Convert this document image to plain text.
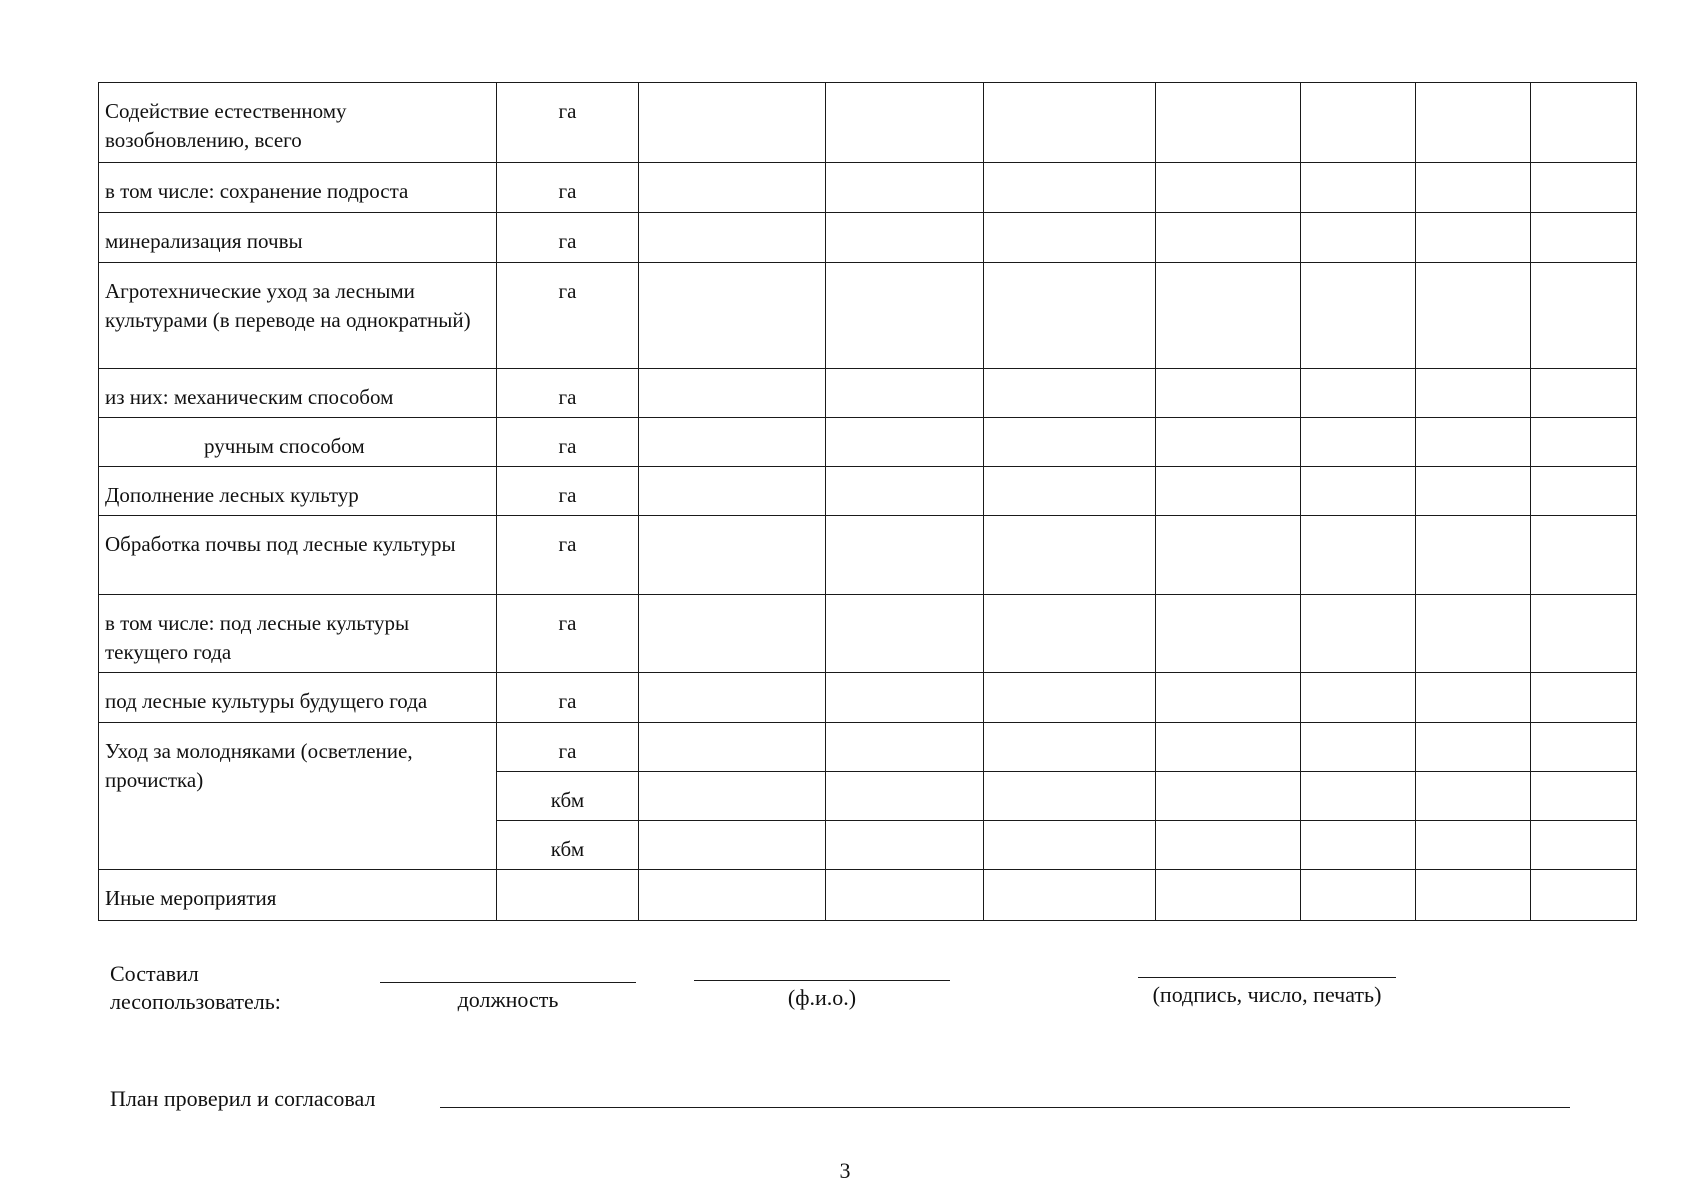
Содействие естественному возобновлению, всего	га							
в том числе: сохранение подроста	га							
минерализация почвы	га							
Агротехнические уход за лесными культурами (в переводе на однократный)	га							
из них: механическим способом	га							
ручным способом	га							
Дополнение лесных культур	га							
Обработка почвы под лесные культуры	га							
в том числе: под лесные культуры текущего года	га							
под лесные культуры будущего года	га							
Уход за молодняками (осветление, прочистка)	га							
	кбм							
	кбм							
Иные мероприятия								
Составил
лесопользователь:	должность	(ф.и.о.)	(подпись, число, печать)
План проверил и согласовал
3
